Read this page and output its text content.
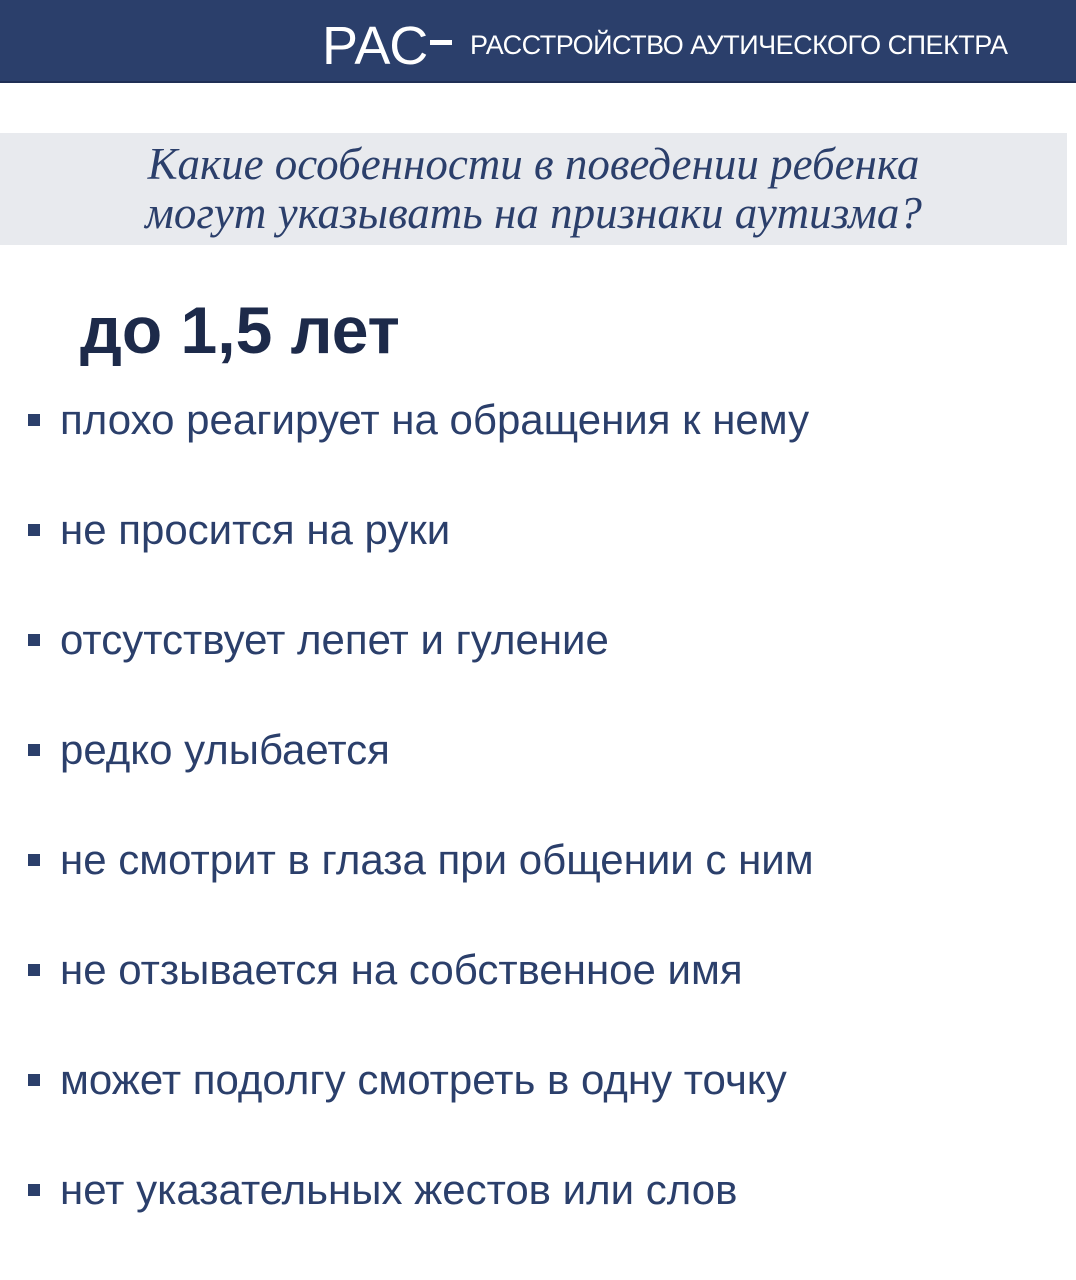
РАС РАССТРОЙСТВО АУТИЧЕСКОГО СПЕКТРА
Какие особенности в поведении ребенка
могут указывать на признаки аутизма?
до 1,5 лет
плохо реагирует на обращения к нему
не просится на руки
отсутствует лепет и гуление
редко улыбается
не смотрит в глаза при общении с ним
не отзывается на собственное имя
может подолгу смотреть в одну точку
нет указательных жестов или слов
